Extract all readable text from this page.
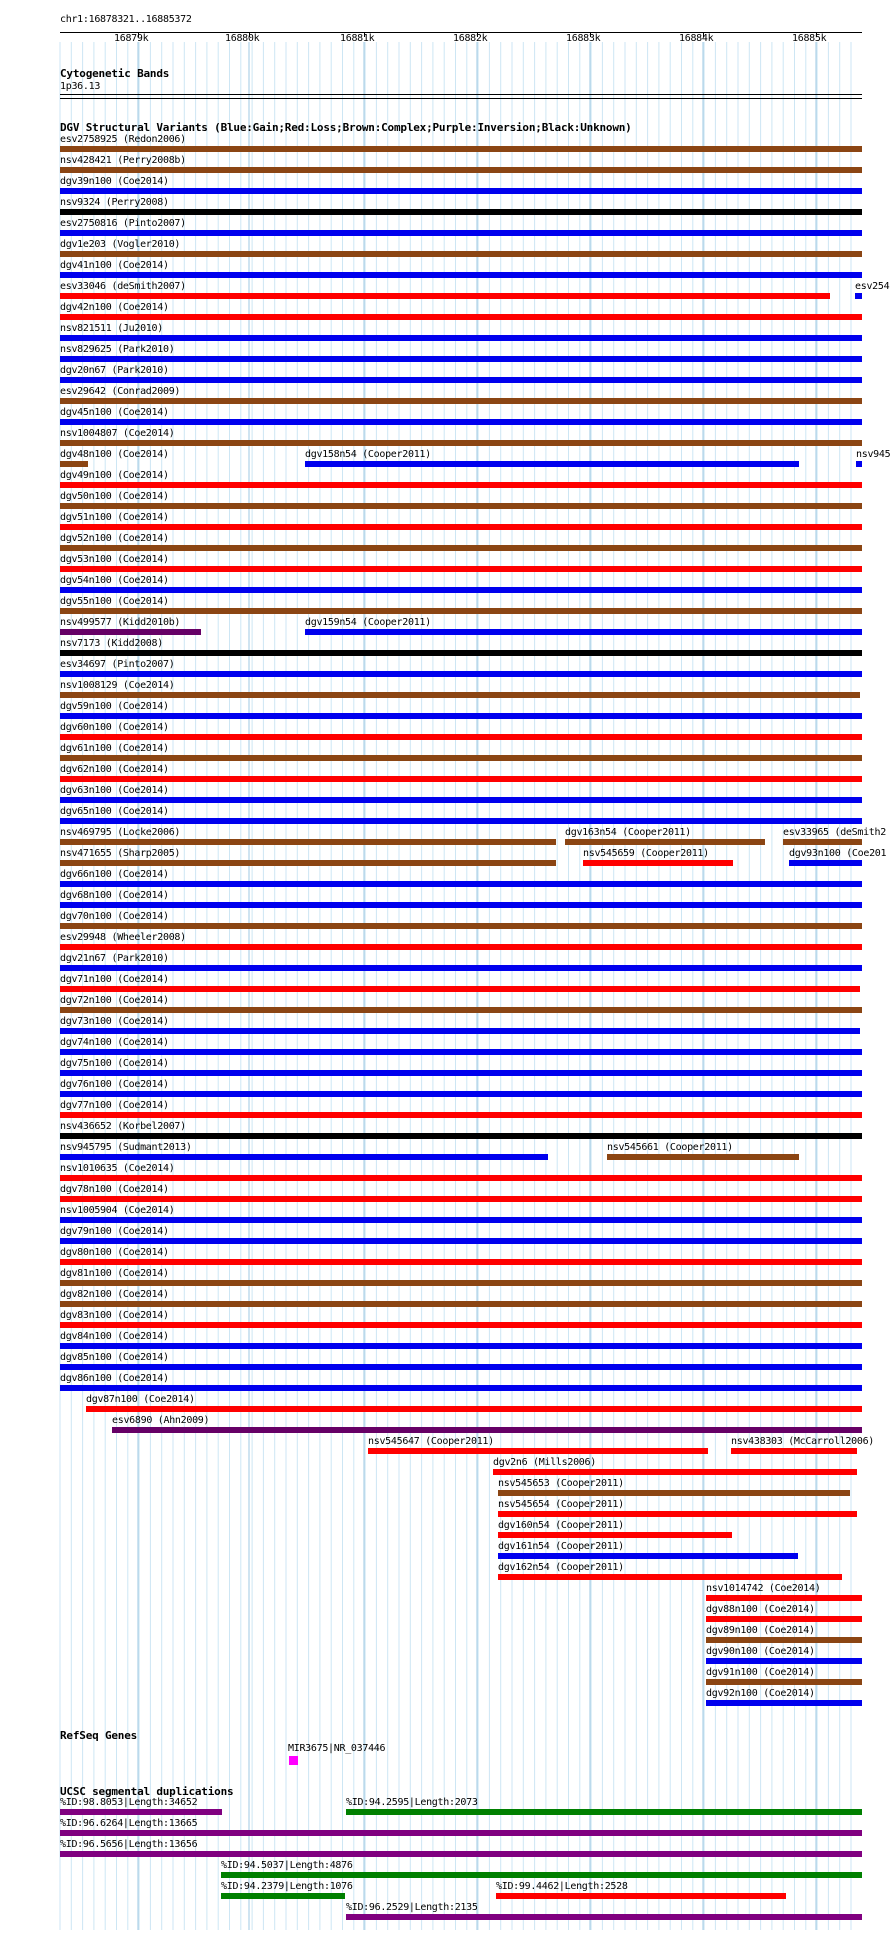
chr1:16878321..16885372
16879k	16880k	16881k	16882k	16883k	16884k	16885k
Cytogenetic Bands
1p36.13
DGV Structural Variants (Blue:Gain;Red:Loss;Brown:Complex;Purple:Inversion;Black:Unknown)
esv2758925 (Redon2006)
nsv428421 (Perry2008b)
dgv39n100 (Coe2014)
nsv9324 (Perry2008)
esv2750816 (Pinto2007)
dgv1e203 (Vogler2010)
dgv41n100 (Coe2014)
esv33046 (deSmith2007)	esv254
dgv42n100 (Coe2014)
nsv821511 (Ju2010)
nsv829625 (Park2010)
dgv20n67 (Park2010)
esv29642 (Conrad2009)
dgv45n100 (Coe2014)
nsv1004807 (Coe2014)
dgv48n100 (Coe2014)	dgv158n54 (Cooper2011)	nsv945
dgv49n100 (Coe2014)
dgv50n100 (Coe2014)
dgv51n100 (Coe2014)
dgv52n100 (Coe2014)
dgv53n100 (Coe2014)
dgv54n100 (Coe2014)
dgv55n100 (Coe2014)
nsv499577 (Kidd2010b)	dgv159n54 (Cooper2011)
nsv7173 (Kidd2008)
esv34697 (Pinto2007)
nsv1008129 (Coe2014)
dgv59n100 (Coe2014)
dgv60n100 (Coe2014)
dgv61n100 (Coe2014)
dgv62n100 (Coe2014)
dgv63n100 (Coe2014)
dgv65n100 (Coe2014)
nsv469795 (Locke2006)	dgv163n54 (Cooper2011)	esv33965 (deSmith2
nsv471655 (Sharp2005)	nsv545659 (Cooper2011)	dgv93n100 (Coe201
dgv66n100 (Coe2014)
dgv68n100 (Coe2014)
dgv70n100 (Coe2014)
esv29948 (Wheeler2008)
dgv21n67 (Park2010)
dgv71n100 (Coe2014)
dgv72n100 (Coe2014)
dgv73n100 (Coe2014)
dgv74n100 (Coe2014)
dgv75n100 (Coe2014)
dgv76n100 (Coe2014)
dgv77n100 (Coe2014)
nsv436652 (Korbel2007)
nsv945795 (Sudmant2013)	nsv545661 (Cooper2011)
nsv1010635 (Coe2014)
dgv78n100 (Coe2014)
nsv1005904 (Coe2014)
dgv79n100 (Coe2014)
dgv80n100 (Coe2014)
dgv81n100 (Coe2014)
dgv82n100 (Coe2014)
dgv83n100 (Coe2014)
dgv84n100 (Coe2014)
dgv85n100 (Coe2014)
dgv86n100 (Coe2014)
dgv87n100 (Coe2014)
esv6890 (Ahn2009)
nsv545647 (Cooper2011)	nsv438303 (McCarroll2006)
dgv2n6 (Mills2006)
nsv545653 (Cooper2011)
nsv545654 (Cooper2011)
dgv160n54 (Cooper2011)
dgv161n54 (Cooper2011)
dgv162n54 (Cooper2011)
nsv1014742 (Coe2014)
dgv88n100 (Coe2014)
dgv89n100 (Coe2014)
dgv90n100 (Coe2014)
dgv91n100 (Coe2014)
dgv92n100 (Coe2014)
RefSeq Genes
MIR3675|NR_037446
UCSC segmental duplications
%ID:98.8053|Length:34652	%ID:94.2595|Length:2073
%ID:96.6264|Length:13665
%ID:96.5656|Length:13656
%ID:94.5037|Length:4876
%ID:94.2379|Length:1076	%ID:99.4462|Length:2528
%ID:96.2529|Length:2135
